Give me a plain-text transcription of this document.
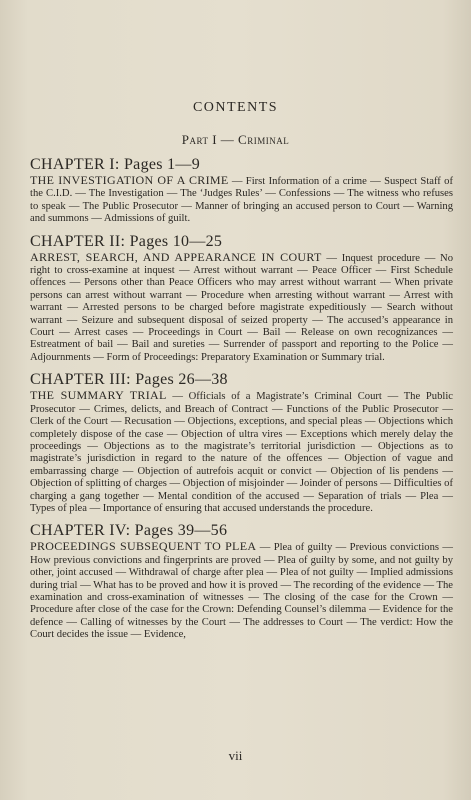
CONTENTS
Part I — Criminal
CHAPTER I: Pages 1—9
THE INVESTIGATION OF A CRIME — First Information of a crime — Suspect Staff of the C.I.D. — The Investigation — The ‘Judges Rules’ — Confessions — The witness who refuses to speak — The Public Prosecutor — Manner of bringing an accused person to Court — Warning and summons — Admissions of guilt.
CHAPTER II: Pages 10—25
ARREST, SEARCH, AND APPEARANCE IN COURT — Inquest procedure — No right to cross-examine at inquest — Arrest without warrant — Peace Officer — First Schedule offences — Persons other than Peace Officers who may arrest without warrant — When private persons can arrest without warrant — Procedure when arresting without warrant — Arrest with warrant — Arrested persons to be charged before magistrate expeditiously — Search without warrant — Seizure and subsequent disposal of seized property — The accused’s appearance in Court — Arrest cases — Proceedings in Court — Bail — Release on own recognizances — Estreatment of bail — Bail and sureties — Surrender of passport and reporting to the Police — Adjournments — Form of Proceedings: Preparatory Examination or Summary trial.
CHAPTER III: Pages 26—38
THE SUMMARY TRIAL — Officials of a Magistrate’s Criminal Court — The Public Prosecutor — Crimes, delicts, and Breach of Contract — Functions of the Public Prosecutor — Clerk of the Court — Recusation — Objections, exceptions, and special pleas — Objections which completely dispose of the case — Objection of ultra vires — Exceptions which merely delay the proceedings — Objections as to the magistrate’s territorial jurisdiction — Objections as to magistrate’s jurisdiction in regard to the nature of the offences — Objection of vague and embarrassing charge — Objection of autrefois acquit or convict — Objection of lis pendens — Objection of splitting of charges — Objection of misjoinder — Joinder of persons — Difficulties of charging a gang together — Mental condition of the accused — Separation of trials — Plea — Types of plea — Importance of ensuring that accused understands the procedure.
CHAPTER IV: Pages 39—56
PROCEEDINGS SUBSEQUENT TO PLEA — Plea of guilty — Previous convictions — How previous convictions and fingerprints are proved — Plea of guilty by some, and not guilty by other, joint accused — Withdrawal of charge after plea — Plea of not guilty — Implied admissions during trial — What has to be proved and how it is proved — The recording of the evidence — The examination and cross-examination of witnesses — The closing of the case for the Crown — Procedure after close of the case for the Crown: Defending Counsel’s dilemma — Evidence for the defence — Calling of witnesses by the Court — The addresses to Court — The verdict: How the Court decides the issue — Evidence,
vii
